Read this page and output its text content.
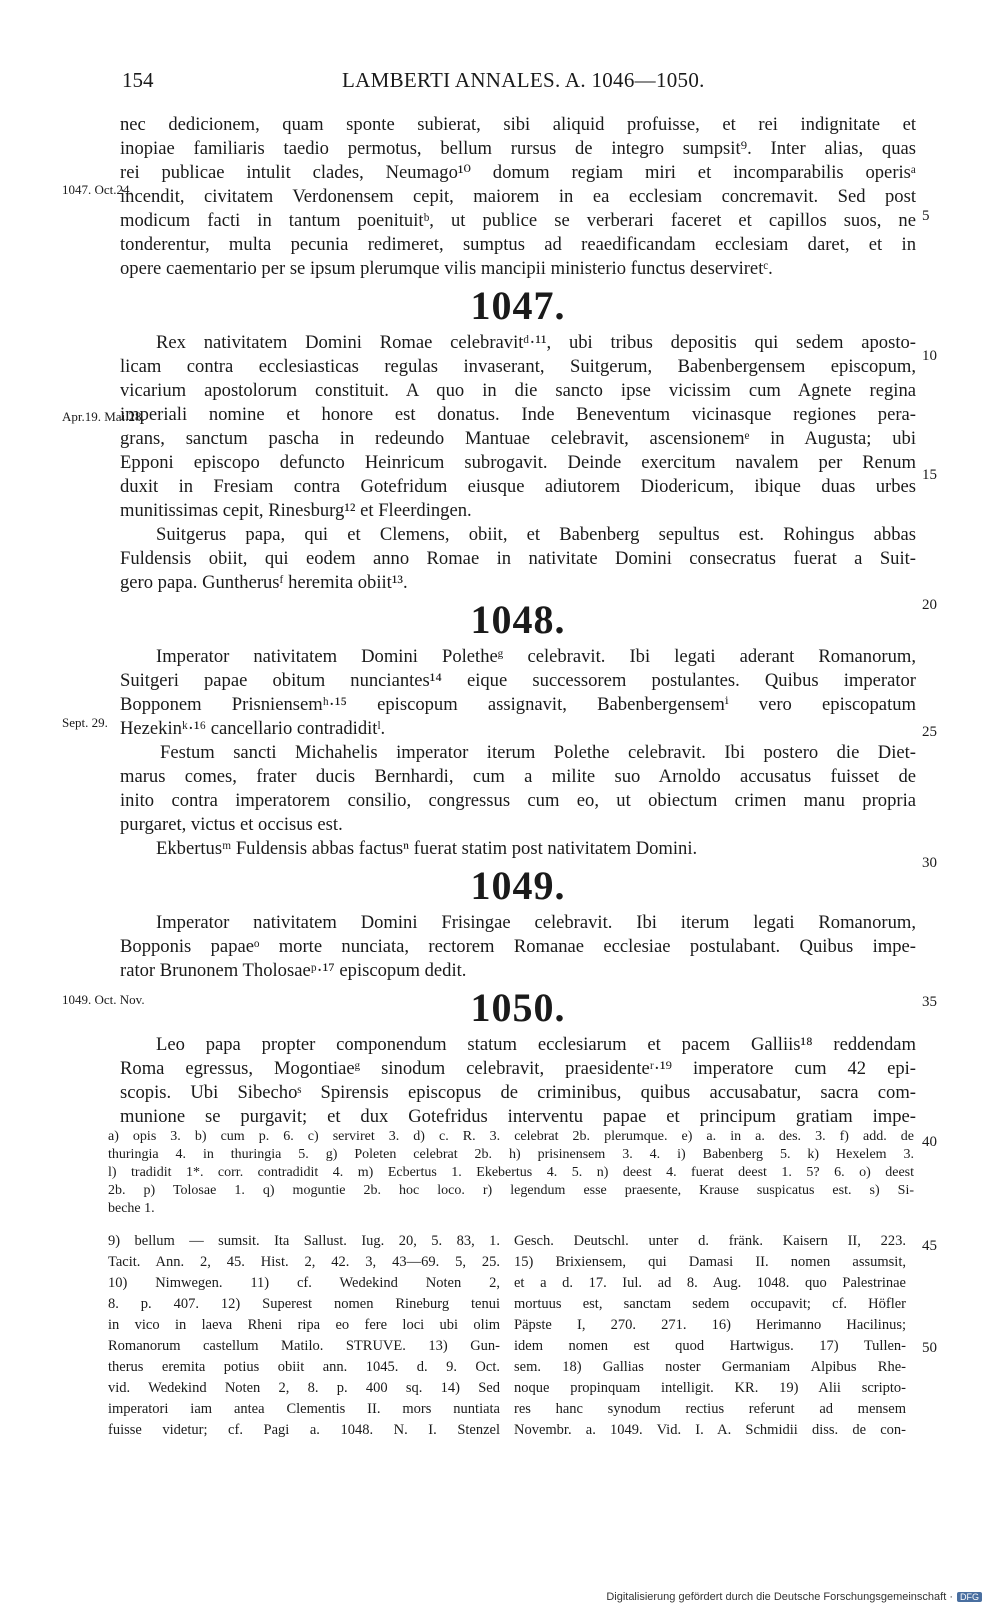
154	LAMBERTI ANNALES. A. 1046—1050.
1047. Oct.24.
Apr.19. Mai.28.
Sept. 29.
1049. Oct. Nov.
5
10
15
20
25
30
35
40
45
50
nec dedicionem, quam sponte subierat, sibi aliquid profuisse, et rei indignitate et
inopiae familiaris taedio permotus, bellum rursus de integro sumpsit⁹. Inter alias, quas
rei publicae intulit clades, Neumago¹⁰ domum regiam miri et incomparabilis operisᵃ
incendit, civitatem Verdonensem cepit, maiorem in ea ecclesiam concremavit. Sed post
modicum facti in tantum poenituitᵇ, ut publice se verberari faceret et capillos suos, ne
tonderentur, multa pecunia redimeret, sumptus ad reaedificandam ecclesiam daret, et in
opere caementario per se ipsum plerumque vilis mancipii ministerio functus deserviretᶜ.
1047.
Rex nativitatem Domini Romae celebravitᵈ·¹¹, ubi tribus depositis qui sedem aposto-
licam contra ecclesiasticas regulas invaserant, Suitgerum, Babenbergensem episcopum,
vicarium apostolorum constituit. A quo in die sancto ipse vicissim cum Agnete regina
imperiali nomine et honore est donatus. Inde Beneventum vicinasque regiones pera-
grans, sanctum pascha in redeundo Mantuae celebravit, ascensionemᵉ in Augusta; ubi
Epponi episcopo defuncto Heinricum subrogavit. Deinde exercitum navalem per Renum
duxit in Fresiam contra Gotefridum eiusque adiutorem Diodericum, ibique duas urbes
munitissimas cepit, Rinesburg¹² et Fleerdingen.
Suitgerus papa, qui et Clemens, obiit, et Babenberg sepultus est. Rohingus abbas
Fuldensis obiit, qui eodem anno Romae in nativitate Domini consecratus fuerat a Suit-
gero papa. Guntherusᶠ heremita obiit¹³.
1048.
Imperator nativitatem Domini Poletheᵍ celebravit. Ibi legati aderant Romanorum,
Suitgeri papae obitum nunciantes¹⁴ eique successorem postulantes. Quibus imperator
Bopponem Prisniensemʰ·¹⁵ episcopum assignavit, Babenbergensemⁱ vero episcopatum
Hezekinᵏ·¹⁶ cancellario contradiditˡ.
Festum sancti Michahelis imperator iterum Polethe celebravit. Ibi postero die Diet-
marus comes, frater ducis Bernhardi, cum a milite suo Arnoldo accusatus fuisset de
inito contra imperatorem consilio, congressus cum eo, ut obiectum crimen manu propria
purgaret, victus et occisus est.
Ekbertusᵐ Fuldensis abbas factusⁿ fuerat statim post nativitatem Domini.
1049.
Imperator nativitatem Domini Frisingae celebravit. Ibi iterum legati Romanorum,
Bopponis papaeᵒ morte nunciata, rectorem Romanae ecclesiae postulabant. Quibus impe-
rator Brunonem Tholosaeᵖ·¹⁷ episcopum dedit.
1050.
Leo papa propter componendum statum ecclesiarum et pacem Galliis¹⁸ reddendam
Roma egressus, Mogontiaeᵍ sinodum celebravit, praesidenteʳ·¹⁹ imperatore cum 42 epi-
scopis. Ubi Sibechoˢ Spirensis episcopus de criminibus, quibus accusabatur, sacra com-
munione se purgavit; et dux Gotefridus interventu papae et principum gratiam impe-
a) opis 3. b) cum p. 6. c) serviret 3. d) c. R. 3. celebrat 2b. plerumque. e) a. in a. des. 3. f) add. de
thuringia 4. in thuringia 5. g) Poleten celebrat 2b. h) prisinensem 3. 4. i) Babenberg 5. k) Hexelem 3.
l) tradidit 1*. corr. contradidit 4. m) Ecbertus 1. Ekebertus 4. 5. n) deest 4. fuerat deest 1. 5? 6. o) deest
2b. p) Tolosae 1. q) moguntie 2b. hoc loco. r) legendum esse praesente, Krause suspicatus est. s) Si-
beche 1.
9) bellum — sumsit. Ita Sallust. Iug. 20, 5. 83, 1.
Tacit. Ann. 2, 45. Hist. 2, 42. 3, 43—69. 5, 25.
10) Nimwegen. 11) cf. Wedekind Noten 2,
8. p. 407. 12) Superest nomen Rineburg tenui
in vico in laeva Rheni ripa eo fere loci ubi olim
Romanorum castellum Matilo. STRUVE. 13) Gun-
therus eremita potius obiit ann. 1045. d. 9. Oct.
vid. Wedekind Noten 2, 8. p. 400 sq. 14) Sed
imperatori iam antea Clementis II. mors nuntiata
fuisse videtur; cf. Pagi a. 1048. N. I. Stenzel
Gesch. Deutschl. unter d. fränk. Kaisern II, 223.
15) Brixiensem, qui Damasi II. nomen assumsit,
et a d. 17. Iul. ad 8. Aug. 1048. quo Palestrinae
mortuus est, sanctam sedem occupavit; cf. Höfler
Päpste I, 270. 271. 16) Herimannо Hacilinus;
idem nomen est quod Hartwigus. 17) Tullen-
sem. 18) Gallias noster Germaniam Alpibus Rhe-
noque propinquam intelligit. KR. 19) Alii scripto-
res hanc synodum rectius referunt ad mensem
Novembr. a. 1049. Vid. I. A. Schmidii diss. de con-
Digitalisierung gefördert durch die Deutsche Forschungsgemeinschaft · DFG
